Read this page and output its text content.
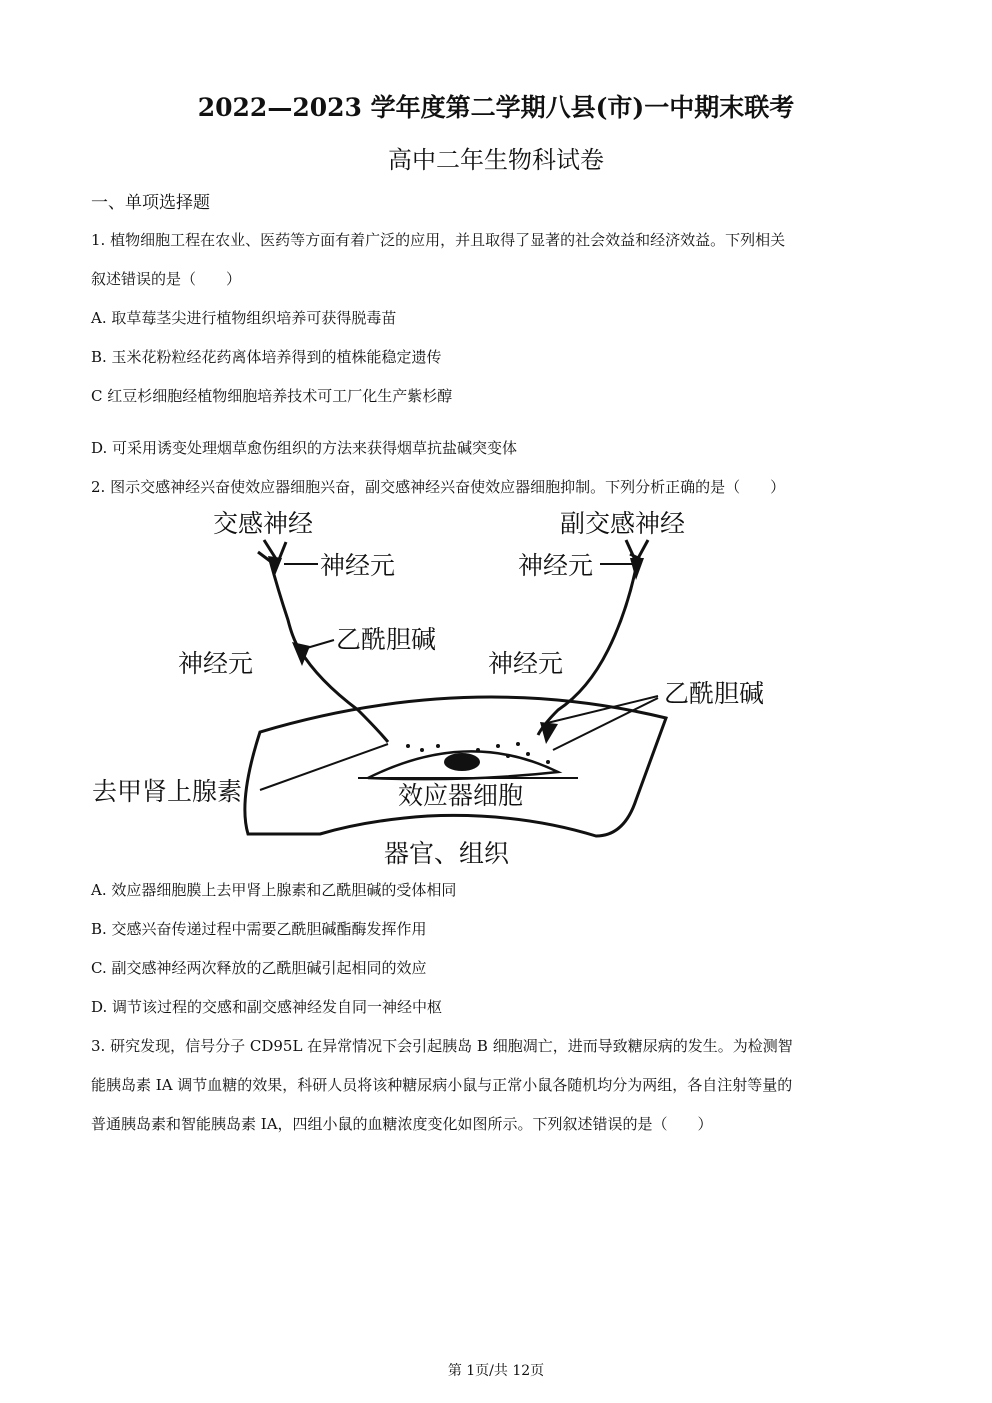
2022—2023 学年度第二学期八县(市)一中期末联考
高中二年生物科试卷
一、单项选择题
1. 植物细胞工程在农业、医药等方面有着广泛的应用，并且取得了显著的社会效益和经济效益。下列相关
叙述错误的是（　　）
A. 取草莓茎尖进行植物组织培养可获得脱毒苗
B. 玉米花粉粒经花药离体培养得到的植株能稳定遗传
C 红豆杉细胞经植物细胞培养技术可工厂化生产紫杉醇
D. 可采用诱变处理烟草愈伤组织的方法来获得烟草抗盐碱突变体
2. 图示交感神经兴奋使效应器细胞兴奋，副交感神经兴奋使效应器细胞抑制。下列分析正确的是（　　）
交感神经	副交感神经
神经元	神经元
乙酰胆碱
神经元	神经元
乙酰胆碱
去甲肾上腺素	效应器细胞
器官、组织
A. 效应器细胞膜上去甲肾上腺素和乙酰胆碱的受体相同
B. 交感兴奋传递过程中需要乙酰胆碱酯酶发挥作用
C. 副交感神经两次释放的乙酰胆碱引起相同的效应
D. 调节该过程的交感和副交感神经发自同一神经中枢
3. 研究发现，信号分子 CD95L 在异常情况下会引起胰岛 B 细胞凋亡，进而导致糖尿病的发生。为检测智
能胰岛素 IA 调节血糖的效果，科研人员将该种糖尿病小鼠与正常小鼠各随机均分为两组，各自注射等量的
普通胰岛素和智能胰岛素 IA，四组小鼠的血糖浓度变化如图所示。下列叙述错误的是（　　）
第 1页/共 12页
